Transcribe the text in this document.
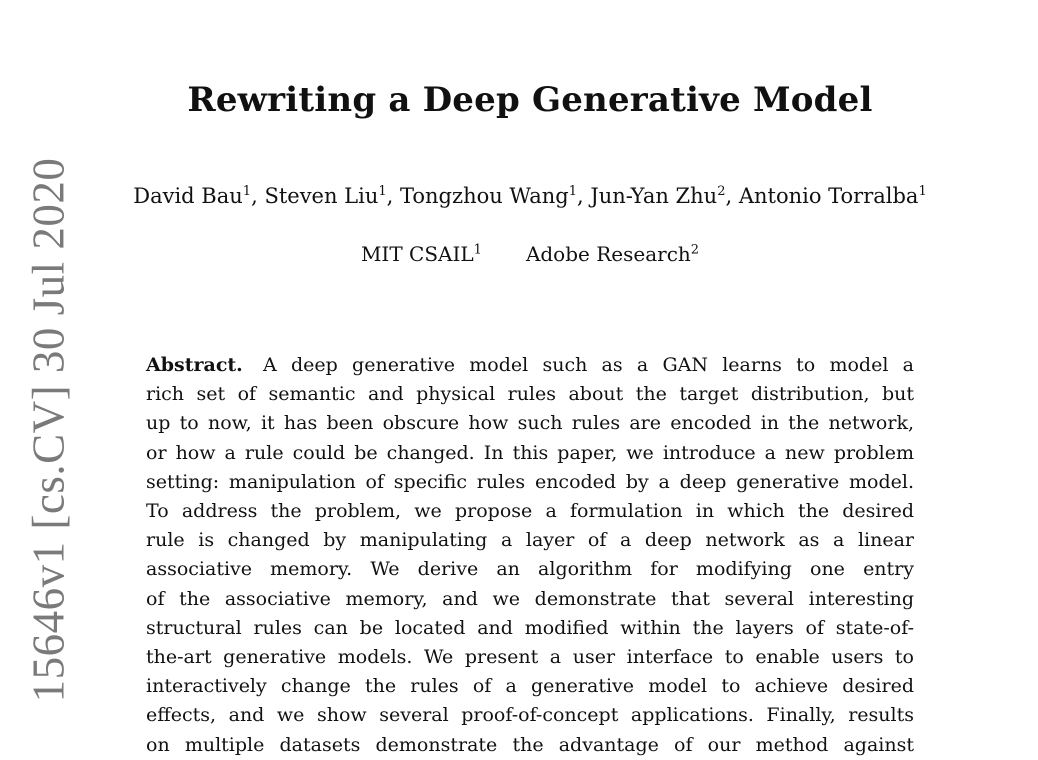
15646v1 [cs.CV] 30 Jul 2020
Rewriting a Deep Generative Model
David Bau$^1$, Steven Liu$^1$, Tongzhou Wang$^1$, Jun-Yan Zhu$^2$, Antonio Torralba$^1$
MIT CSAIL$^1$ Adobe Research$^2$
Abstract. A deep generative model such as a GAN learns to model a
rich set of semantic and physical rules about the target distribution, but
up to now, it has been obscure how such rules are encoded in the network,
or how a rule could be changed. In this paper, we introduce a new problem
setting: manipulation of specific rules encoded by a deep generative model.
To address the problem, we propose a formulation in which the desired
rule is changed by manipulating a layer of a deep network as a linear
associative memory. We derive an algorithm for modifying one entry
of the associative memory, and we demonstrate that several interesting
structural rules can be located and modified within the layers of state-of-
the-art generative models. We present a user interface to enable users to
interactively change the rules of a generative model to achieve desired
effects, and we show several proof-of-concept applications. Finally, results
on multiple datasets demonstrate the advantage of our method against
